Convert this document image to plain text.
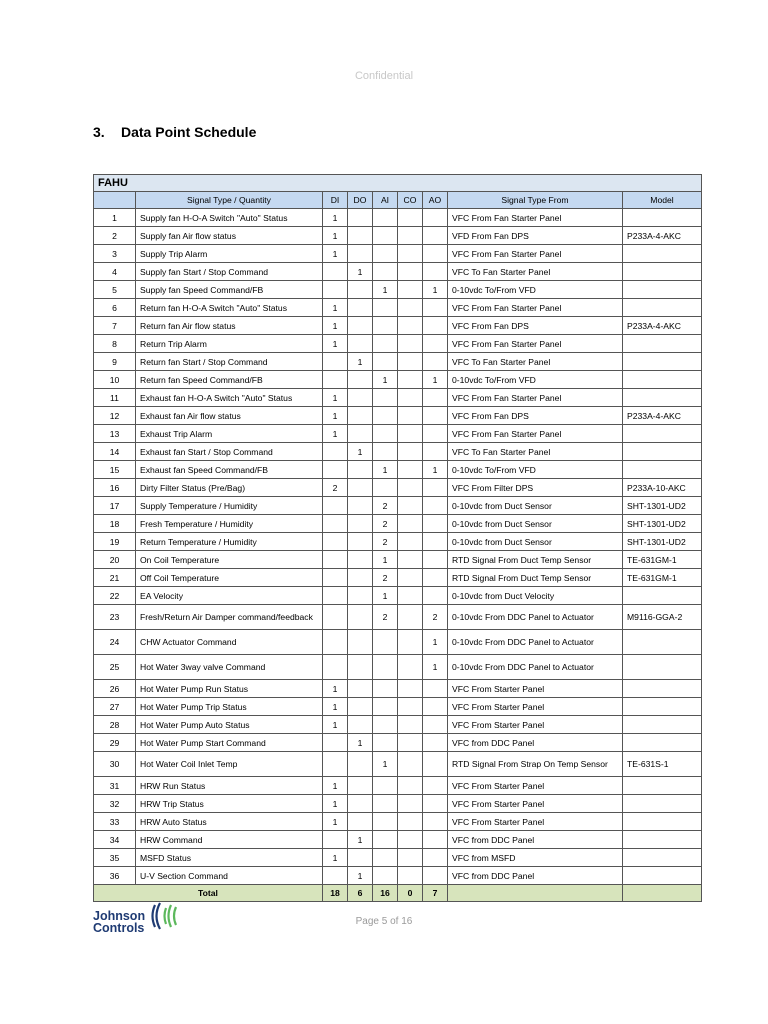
Confidential
3. Data Point Schedule
FAHU								
	Signal Type / Quantity	DI	DO	AI	CO	AO	Signal Type From	Model
1	Supply fan H-O-A Switch "Auto" Status	1					VFC From Fan Starter Panel	
2	Supply fan Air flow status	1					VFD From Fan DPS	P233A-4-AKC
3	Supply Trip Alarm	1					VFC From Fan Starter Panel	
4	Supply fan Start / Stop Command		1				VFC To Fan Starter Panel	
5	Supply fan Speed Command/FB			1		1	0-10vdc To/From VFD	
6	Return fan H-O-A Switch "Auto" Status	1					VFC From Fan Starter Panel	
7	Return fan Air flow status	1					VFC From Fan DPS	P233A-4-AKC
8	Return Trip Alarm	1					VFC From Fan Starter Panel	
9	Return fan Start / Stop Command		1				VFC To Fan Starter Panel	
10	Return fan Speed Command/FB			1		1	0-10vdc To/From VFD	
11	Exhaust fan H-O-A Switch "Auto" Status	1					VFC From Fan Starter Panel	
12	Exhaust fan Air flow status	1					VFC From Fan DPS	P233A-4-AKC
13	Exhaust Trip Alarm	1					VFC From Fan Starter Panel	
14	Exhaust fan Start / Stop Command		1				VFC To Fan Starter Panel	
15	Exhaust fan Speed Command/FB			1		1	0-10vdc To/From VFD	
16	Dirty Filter Status (Pre/Bag)	2					VFC From Filter DPS	P233A-10-AKC
17	Supply Temperature / Humidity			2			0-10vdc from Duct Sensor	SHT-1301-UD2
18	Fresh Temperature / Humidity			2			0-10vdc from Duct Sensor	SHT-1301-UD2
19	Return Temperature / Humidity			2			0-10vdc from Duct Sensor	SHT-1301-UD2
20	On Coil Temperature			1			RTD Signal From Duct Temp Sensor	TE-631GM-1
21	Off Coil Temperature			2			RTD Signal From Duct Temp Sensor	TE-631GM-1
22	EA Velocity			1			0-10vdc from Duct Velocity	
23	Fresh/Return Air Damper command/feedback			2		2	0-10vdc From DDC Panel to Actuator	M9116-GGA-2
24	CHW Actuator Command					1	0-10vdc From DDC Panel to Actuator	
25	Hot Water 3way valve Command					1	0-10vdc From DDC Panel to Actuator	
26	Hot Water Pump Run Status	1					VFC From Starter Panel	
27	Hot Water Pump Trip Status	1					VFC From Starter Panel	
28	Hot Water Pump Auto Status	1					VFC From Starter Panel	
29	Hot Water Pump Start Command		1				VFC from DDC Panel	
30	Hot Water Coil Inlet Temp			1			RTD Signal From Strap On Temp Sensor	TE-631S-1
31	HRW Run Status	1					VFC From Starter Panel	
32	HRW Trip Status	1					VFC From Starter Panel	
33	HRW Auto Status	1					VFC From Starter Panel	
34	HRW Command		1				VFC from DDC Panel	
35	MSFD Status	1					VFC from MSFD	
36	U-V Section Command		1				VFC from DDC Panel	
Total		18	6	16	0	7		
Johnson
Controls	Page 5 of 16
